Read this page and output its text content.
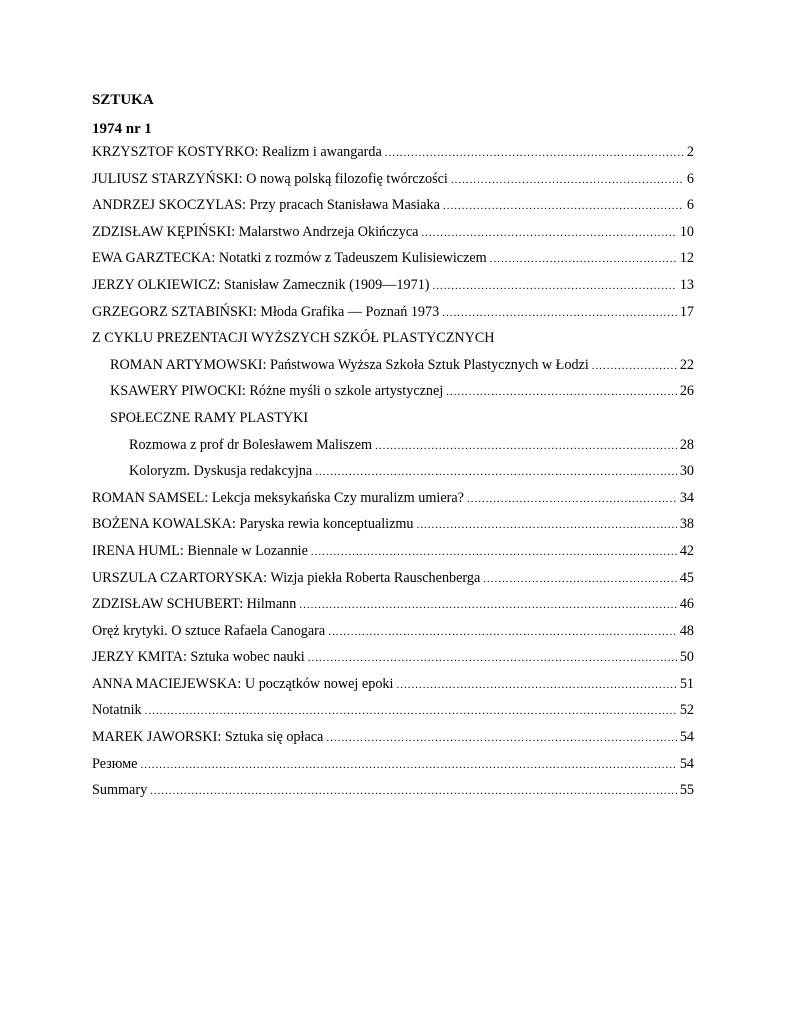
SZTUKA

1974 nr 1

KRZYSZTOF KOSTYRKO: Realizm i awangarda .....	2
JULIUSZ STARZYŃSKI: O nową polską filozofię twórczości .....	6
ANDRZEJ SKOCZYLAS: Przy pracach Stanisława Masiaka .....	6
ZDZISŁAW KĘPIŃSKI: Malarstwo Andrzeja Okińczyca .....	10
EWA GARZTECKA: Notatki z rozmów z Tadeuszem Kulisiewiczem .....	12
JERZY OLKIEWICZ: Stanisław Zamecznik (1909—1971) .....	13
GRZEGORZ SZTABIŃSKI: Młoda Grafika — Poznań 1973 .....	17
Z CYKLU PREZENTACJI WYŻSZYCH SZKÓŁ PLASTYCZNYCH
ROMAN ARTYMOWSKI: Państwowa Wyższa Szkoła Sztuk Plastycznych w Łodzi .....	22
KSAWERY PIWOCKI: Różne myśli o szkole artystycznej .....	26
SPOŁECZNE RAMY PLASTYKI
Rozmowa z prof dr Bolesławem Maliszem .....	28
Koloryzm. Dyskusja redakcyjna .....	30
ROMAN SAMSEL: Lekcja meksykańska Czy muralizm umiera? .....	34
BOŻENA KOWALSKA: Paryska rewia konceptualizmu .....	38
IRENA HUML: Biennale w Lozannie .....	42
URSZULA CZARTORYSKA: Wizja piekła Roberta Rauschenberga .....	45
ZDZISŁAW SCHUBERT: Hilmann .....	46
Oręż krytyki. O sztuce Rafaela Canogara .....	48
JERZY KMITA: Sztuka wobec nauki .....	50
ANNA MACIEJEWSKA: U początków nowej epoki .....	51
Notatnik .....	52
MAREK JAWORSKI: Sztuka się opłaca .....	54
Резюме .....	54
Summary .....	55
